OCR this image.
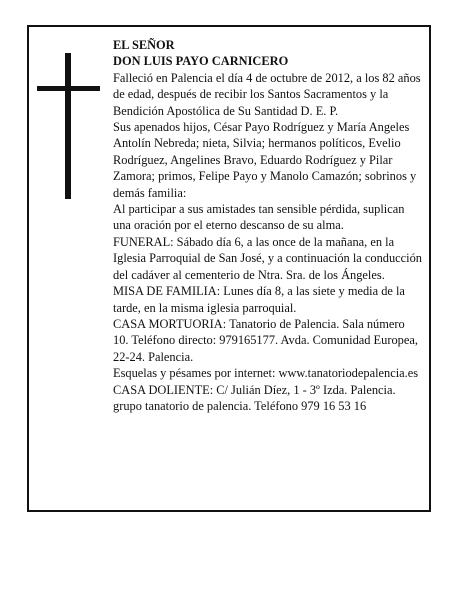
EL SEÑOR

DON LUIS PAYO CARNICERO

Falleció en Palencia el día 4 de octubre de 2012, a los 82 años de edad, después de recibir los Santos Sacramentos y la Bendición Apostólica de Su Santidad D. E. P.

Sus apenados hijos, César Payo Rodríguez y María Angeles Antolín Nebreda; nieta, Silvia; hermanos políticos, Evelio Rodríguez, Angelines Bravo, Eduardo Rodríguez y Pilar Zamora; primos, Felipe Payo y Manolo Camazón; sobrinos y demás familia:

Al participar a sus amistades tan sensible pérdida, suplican una oración por el eterno descanso de su alma.

FUNERAL: Sábado día 6, a las once de la mañana, en la Iglesia Parroquial de San José, y a continuación la conducción del cadáver al cementerio de Ntra. Sra. de los Ángeles.

MISA DE FAMILIA: Lunes día 8, a las siete y media de la tarde, en la misma iglesia parroquial.

CASA MORTUORIA: Tanatorio de Palencia. Sala número 10. Teléfono directo: 979165177. Avda. Comunidad Europea, 22-24. Palencia.

Esquelas y pésames por internet: www.tanatoriodepalencia.es

CASA DOLIENTE: C/ Julián Díez, 1 - 3º Izda. Palencia.

grupo tanatorio de palencia. Teléfono 979 16 53 16
